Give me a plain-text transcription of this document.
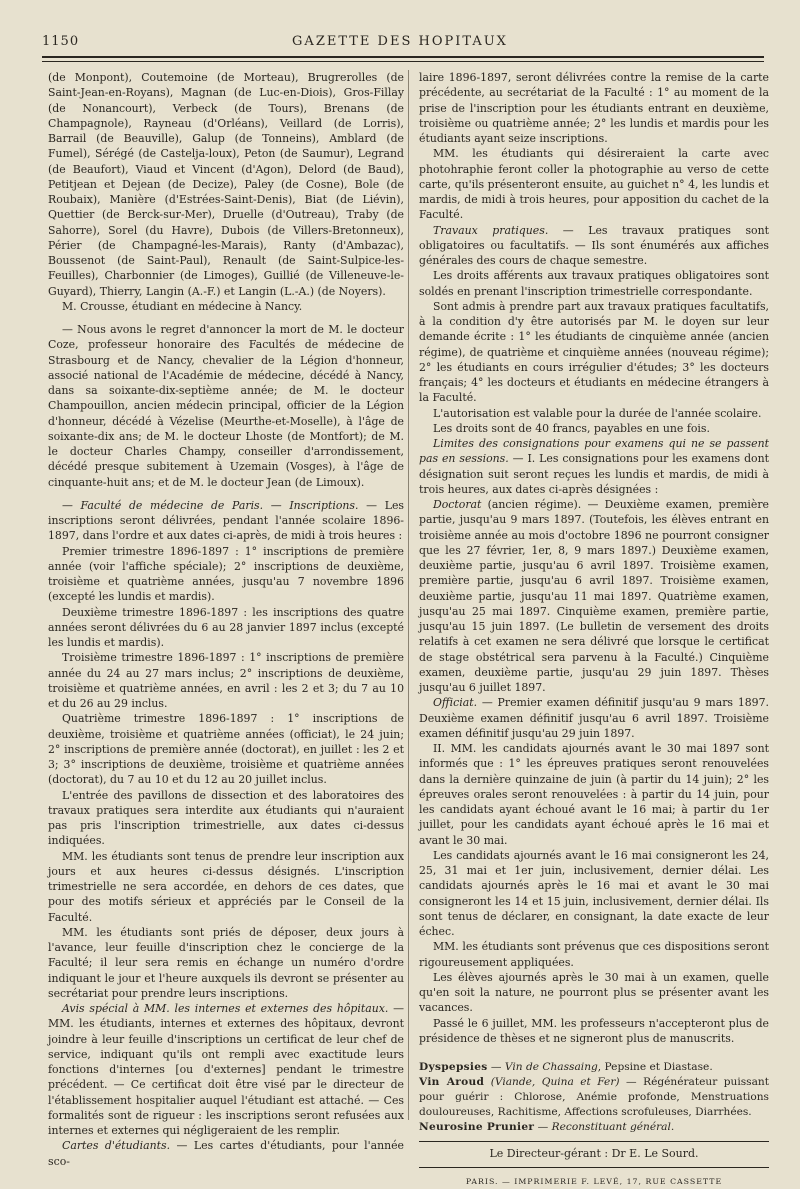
1150	GAZETTE DES HOPITAUX

(de Monpont), Coutemoine (de Morteau), Brugrerolles (de Saint-Jean-en-Royans), Magnan (de Luc-en-Diois), Gros-Fillay (de Nonancourt), Verbeck (de Tours), Brenans (de Champagnole), Rayneau (d'Orléans), Veillard (de Lorris), Barrail (de Beauville), Galup (de Tonneins), Amblard (de Fumel), Sérégé (de Castelja-loux), Peton (de Saumur), Legrand (de Beaufort), Viaud et Vincent (d'Agon), Delord (de Baud), Petitjean et Dejean (de Decize), Paley (de Cosne), Bole (de Roubaix), Manière (d'Estrées-Saint-Denis), Biat (de Liévin), Quettier (de Berck-sur-Mer), Druelle (d'Outreau), Traby (de Sahorre), Sorel (du Havre), Dubois (de Villers-Bretonneux), Périer (de Champagné-les-Marais), Ranty (d'Ambazac), Boussenot (de Saint-Paul), Renault (de Saint-Sulpice-les-Feuilles), Charbonnier (de Limoges), Guillié (de Villeneuve-le-Guyard), Thierry, Langin (A.-F.) et Langin (L.-A.) (de Noyers).

M. Crousse, étudiant en médecine à Nancy.

— Nous avons le regret d'annoncer la mort de M. le docteur Coze, professeur honoraire des Facultés de médecine de Strasbourg et de Nancy, chevalier de la Légion d'honneur, associé national de l'Académie de médecine, décédé à Nancy, dans sa soixante-dix-septième année; de M. le docteur Champouillon, ancien médecin principal, officier de la Légion d'honneur, décédé à Vézelise (Meurthe-et-Moselle), à l'âge de soixante-dix ans; de M. le docteur Lhoste (de Montfort); de M. le docteur Charles Champy, conseiller d'arrondissement, décédé presque subitement à Uzemain (Vosges), à l'âge de cinquante-huit ans; et de M. le docteur Jean (de Limoux).

— Faculté de médecine de Paris. — Inscriptions. — Les inscriptions seront délivrées, pendant l'année scolaire 1896-1897, dans l'ordre et aux dates ci-après, de midi à trois heures :

Premier trimestre 1896-1897 : 1° inscriptions de première année (voir l'affiche spéciale); 2° inscriptions de deuxième, troisième et quatrième années, jusqu'au 7 novembre 1896 (excepté les lundis et mardis).

Deuxième trimestre 1896-1897 : les inscriptions des quatre années seront délivrées du 6 au 28 janvier 1897 inclus (excepté les lundis et mardis).

Troisième trimestre 1896-1897 : 1° inscriptions de première année du 24 au 27 mars inclus; 2° inscriptions de deuxième, troisième et quatrième années, en avril : les 2 et 3; du 7 au 10 et du 26 au 29 inclus.

Quatrième trimestre 1896-1897 : 1° inscriptions de deuxième, troisième et quatrième années (officiat), le 24 juin; 2° inscriptions de première année (doctorat), en juillet : les 2 et 3; 3° inscriptions de deuxième, troisième et quatrième années (doctorat), du 7 au 10 et du 12 au 20 juillet inclus.

L'entrée des pavillons de dissection et des laboratoires des travaux pratiques sera interdite aux étudiants qui n'auraient pas pris l'inscription trimestrielle, aux dates ci-dessus indiquées.

MM. les étudiants sont tenus de prendre leur inscription aux jours et aux heures ci-dessus désignés. L'inscription trimestrielle ne sera accordée, en dehors de ces dates, que pour des motifs sérieux et appréciés par le Conseil de la Faculté.

MM. les étudiants sont priés de déposer, deux jours à l'avance, leur feuille d'inscription chez le concierge de la Faculté; il leur sera remis en échange un numéro d'ordre indiquant le jour et l'heure auxquels ils devront se présenter au secrétariat pour prendre leurs inscriptions.

Avis spécial à MM. les internes et externes des hôpitaux. — MM. les étudiants, internes et externes des hôpitaux, devront joindre à leur feuille d'inscriptions un certificat de leur chef de service, indiquant qu'ils ont rempli avec exactitude leurs fonctions d'internes [ou d'externes] pendant le trimestre précédent. — Ce certificat doit être visé par le directeur de l'établissement hospitalier auquel l'étudiant est attaché. — Ces formalités sont de rigueur : les inscriptions seront refusées aux internes et externes qui négligeraient de les remplir.

Cartes d'étudiants. — Les cartes d'étudiants, pour l'année sco-

laire 1896-1897, seront délivrées contre la remise de la carte précédente, au secrétariat de la Faculté : 1° au moment de la prise de l'inscription pour les étudiants entrant en deuxième, troisième ou quatrième année; 2° les lundis et mardis pour les étudiants ayant seize inscriptions.

MM. les étudiants qui désireraient la carte avec photohraphie feront coller la photographie au verso de cette carte, qu'ils présenteront ensuite, au guichet n° 4, les lundis et mardis, de midi à trois heures, pour apposition du cachet de la Faculté.

Travaux pratiques. — Les travaux pratiques sont obligatoires ou facultatifs. — Ils sont énumérés aux affiches générales des cours de chaque semestre.

Les droits afférents aux travaux pratiques obligatoires sont soldés en prenant l'inscription trimestrielle correspondante.

Sont admis à prendre part aux travaux pratiques facultatifs, à la condition d'y être autorisés par M. le doyen sur leur demande écrite : 1° les étudiants de cinquième année (ancien régime), de quatrième et cinquième années (nouveau régime); 2° les étudiants en cours irrégulier d'études; 3° les docteurs français; 4° les docteurs et étudiants en médecine étrangers à la Faculté.

L'autorisation est valable pour la durée de l'année scolaire.

Les droits sont de 40 francs, payables en une fois.

Limites des consignations pour examens qui ne se passent pas en sessions. — I. Les consignations pour les examens dont désignation suit seront reçues les lundis et mardis, de midi à trois heures, aux dates ci-après désignées :

Doctorat (ancien régime). — Deuxième examen, première partie, jusqu'au 9 mars 1897. (Toutefois, les élèves entrant en troisième année au mois d'octobre 1896 ne pourront consigner que les 27 février, 1er, 8, 9 mars 1897.) Deuxième examen, deuxième partie, jusqu'au 6 avril 1897. Troisième examen, première partie, jusqu'au 6 avril 1897. Troisième examen, deuxième partie, jusqu'au 11 mai 1897. Quatrième examen, jusqu'au 25 mai 1897. Cinquième examen, première partie, jusqu'au 15 juin 1897. (Le bulletin de versement des droits relatifs à cet examen ne sera délivré que lorsque le certificat de stage obstétrical sera parvenu à la Faculté.) Cinquième examen, deuxième partie, jusqu'au 29 juin 1897. Thèses jusqu'au 6 juillet 1897.

Officiat. — Premier examen définitif jusqu'au 9 mars 1897. Deuxième examen définitif jusqu'au 6 avril 1897. Troisième examen définitif jusqu'au 29 juin 1897.

II. MM. les candidats ajournés avant le 30 mai 1897 sont informés que : 1° les épreuves pratiques seront renouvelées dans la dernière quinzaine de juin (à partir du 14 juin); 2° les épreuves orales seront renouvelées : à partir du 14 juin, pour les candidats ayant échoué avant le 16 mai; à partir du 1er juillet, pour les candidats ayant échoué après le 16 mai et avant le 30 mai.

Les candidats ajournés avant le 16 mai consigneront les 24, 25, 31 mai et 1er juin, inclusivement, dernier délai. Les candidats ajournés après le 16 mai et avant le 30 mai consigneront les 14 et 15 juin, inclusivement, dernier délai. Ils sont tenus de déclarer, en consignant, la date exacte de leur échec.

MM. les étudiants sont prévenus que ces dispositions seront rigoureusement appliquées.

Les élèves ajournés après le 30 mai à un examen, quelle qu'en soit la nature, ne pourront plus se présenter avant les vacances.

Passé le 6 juillet, MM. les professeurs n'accepteront plus de présidence de thèses et ne signeront plus de manuscrits.

Dyspepsies — Vin de Chassaing, Pepsine et Diastase.

Vin Aroud (Viande, Quina et Fer) — Régénérateur puissant pour guérir : Chlorose, Anémie profonde, Menstruations douloureuses, Rachitisme, Affections scrofuleuses, Diarrhées.

Neurosine Prunier — Reconstituant général.

Le Directeur-gérant : Dr E. Le Sourd.
PARIS. — IMPRIMERIE F. LEVÉ, 17, RUE CASSETTE
